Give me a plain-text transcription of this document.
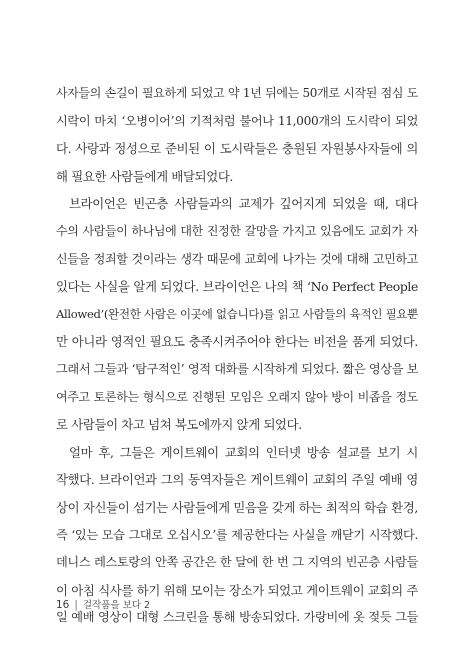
사자들의 손길이 필요하게 되었고 약 1년 뒤에는 50개로 시작된 점심 도
시락이 마치 ‘오병이어’의 기적처럼 불어나 11,000개의 도시락이 되었
다. 사랑과 정성으로 준비된 이 도시락들은 충원된 자원봉사자들에 의
해 필요한 사람들에게 배달되었다.
브라이언은 빈곤층 사람들과의 교제가 깊어지게 되었을 때, 대다
수의 사람들이 하나님에 대한 진정한 갈망을 가지고 있음에도 교회가 자
신들을 정죄할 것이라는 생각 때문에 교회에 나가는 것에 대해 고민하고
있다는 사실을 알게 되었다. 브라이언은 나의 책 ‘No Perfect People
Allowed’(완전한 사람은 이곳에 없습니다)를 읽고 사람들의 육적인 필요뿐
만 아니라 영적인 필요도 충족시켜주어야 한다는 비전을 품게 되었다.
그래서 그들과 ‘탐구적인’ 영적 대화를 시작하게 되었다. 짧은 영상을 보
여주고 토론하는 형식으로 진행된 모임은 오래지 않아 방이 비좁을 정도
로 사람들이 차고 넘쳐 복도에까지 앉게 되었다.
얼마 후, 그들은 게이트웨이 교회의 인터넷 방송 설교를 보기 시
작했다. 브라이언과 그의 동역자들은 게이트웨이 교회의 주일 예배 영
상이 자신들이 섬기는 사람들에게 믿음을 갖게 하는 최적의 학습 환경,
즉 ‘있는 모습 그대로 오십시오’를 제공한다는 사실을 깨닫기 시작했다.
데니스 레스토랑의 안쪽 공간은 한 달에 한 번 그 지역의 빈곤층 사람들
이 아침 식사를 하기 위해 모이는 장소가 되었고 게이트웨이 교회의 주
일 예배 영상이 대형 스크린을 통해 방송되었다. 가랑비에 옷 젖듯 그들
16 | 걸작품을 보다 2
